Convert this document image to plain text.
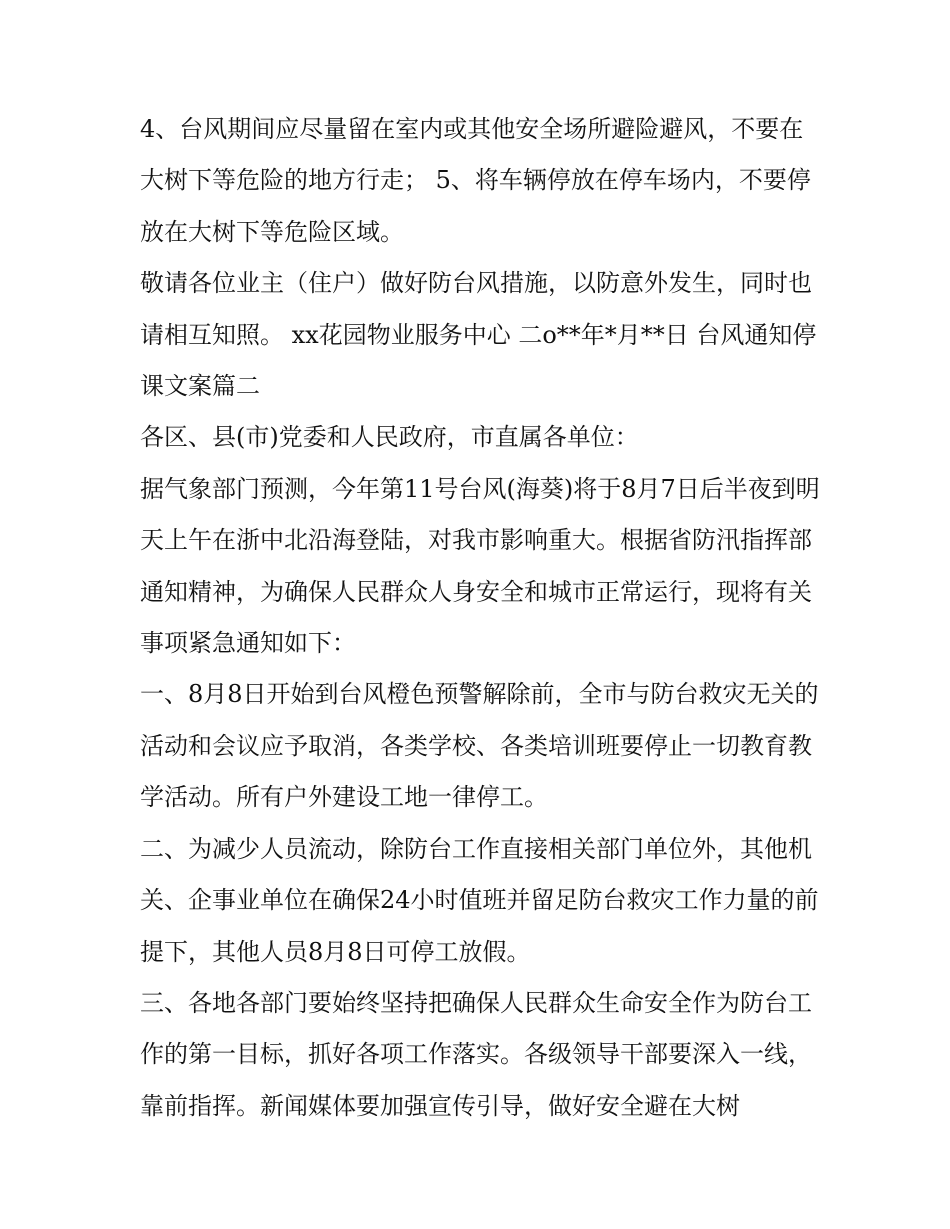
4、台风期间应尽量留在室内或其他安全场所避险避风，不要在大树下等危险的地方行走； 5、将车辆停放在停车场内，不要停放在大树下等危险区域。

敬请各位业主（住户）做好防台风措施，以防意外发生，同时也请相互知照。 xx花园物业服务中心 二o**年*月**日 台风通知停课文案篇二

各区、县(市)党委和人民政府，市直属各单位：

据气象部门预测，今年第11号台风(海葵)将于8月7日后半夜到明天上午在浙中北沿海登陆，对我市影响重大。根据省防汛指挥部通知精神，为确保人民群众人身安全和城市正常运行，现将有关事项紧急通知如下：

一、8月8日开始到台风橙色预警解除前，全市与防台救灾无关的活动和会议应予取消，各类学校、各类培训班要停止一切教育教学活动。所有户外建设工地一律停工。

二、为减少人员流动，除防台工作直接相关部门单位外，其他机关、企事业单位在确保24小时值班并留足防台救灾工作力量的前提下，其他人员8月8日可停工放假。

三、各地各部门要始终坚持把确保人民群众生命安全作为防台工作的第一目标，抓好各项工作落实。各级领导干部要深入一线，靠前指挥。新闻媒体要加强宣传引导，做好安全避在大树
